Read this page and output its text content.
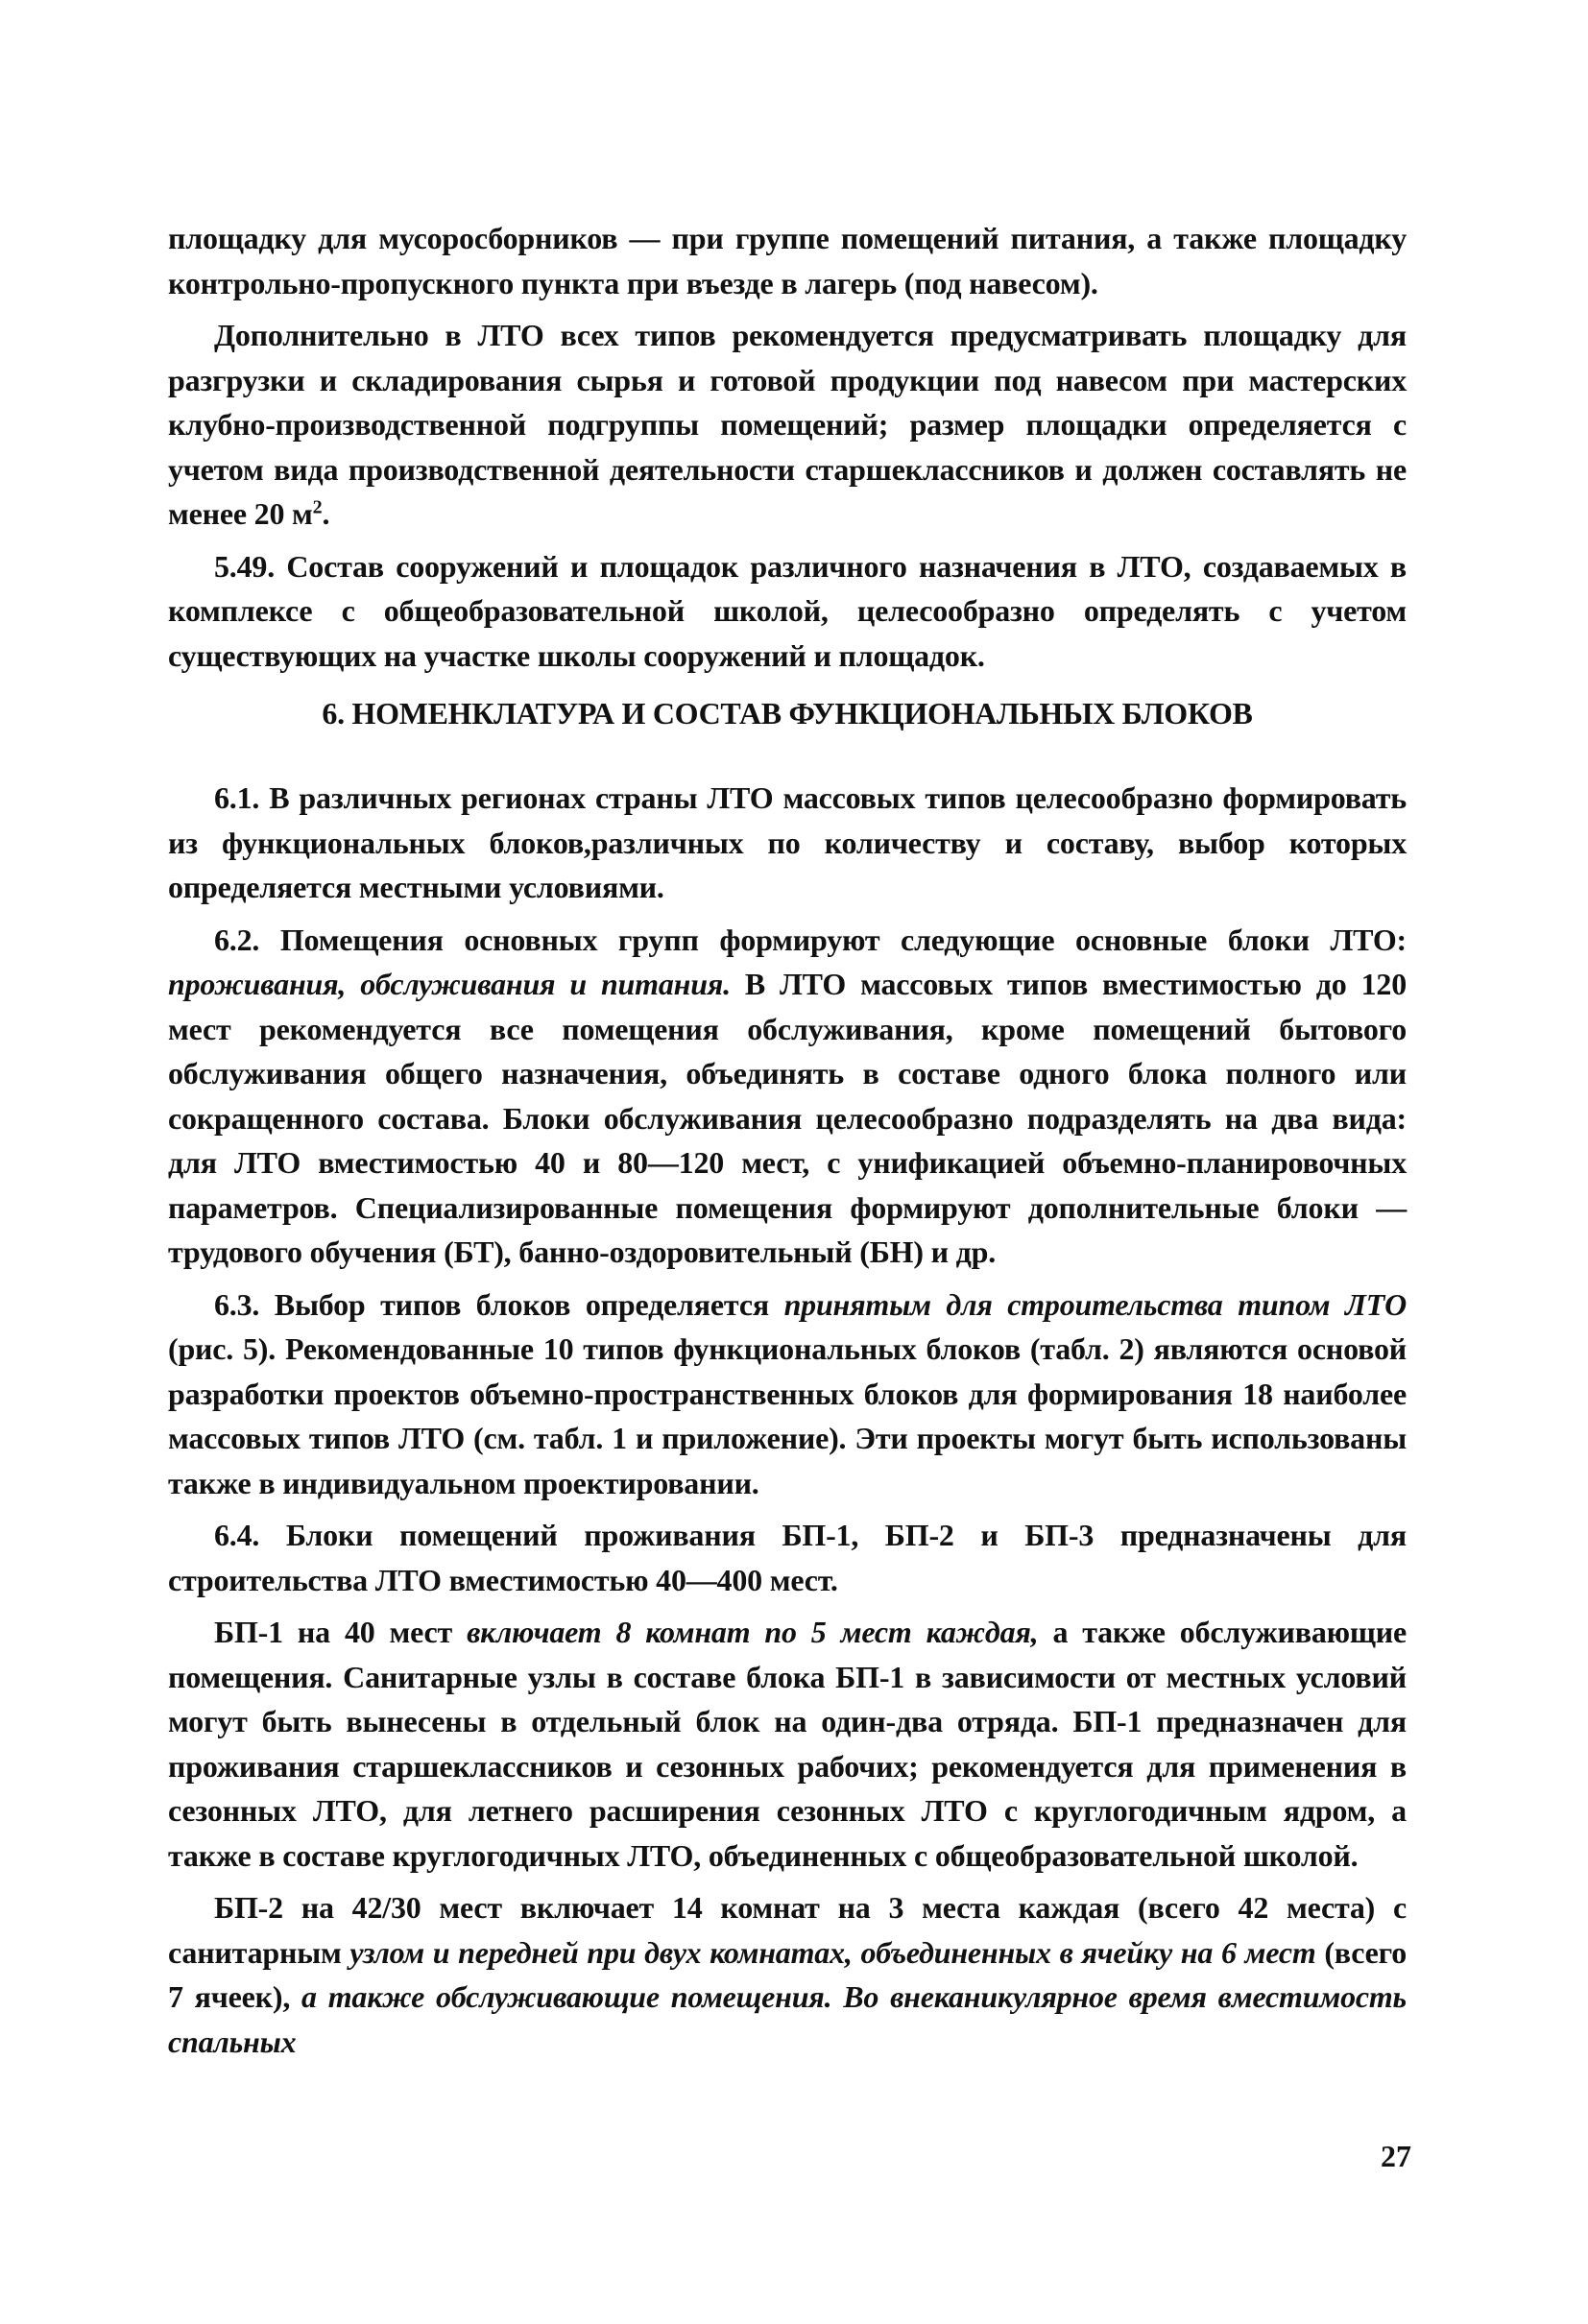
площадку для мусоросборников — при группе помещений питания, а также площадку контрольно-пропускного пункта при въезде в лагерь (под навесом).

Дополнительно в ЛТО всех типов рекомендуется предусматривать площадку для разгрузки и складирования сырья и готовой продукции под навесом при мастерских клубно-производственной подгруппы помещений; размер площадки определяется с учетом вида производственной деятельности старшеклассников и должен составлять не менее 20 $м^2$.

5.49. Состав сооружений и площадок различного назначения в ЛТО, создаваемых в комплексе с общеобразовательной школой, целесообразно определять с учетом существующих на участке школы сооружений и площадок.

6. НОМЕНКЛАТУРА И СОСТАВ ФУНКЦИОНАЛЬНЫХ БЛОКОВ

6.1. В различных регионах страны ЛТО массовых типов целесообразно формировать из функциональных блоков,различных по количеству и составу, выбор которых определяется местными условиями.

6.2. Помещения основных групп формируют следующие основные блоки ЛТО: проживания, обслуживания и питания. В ЛТО массовых типов вместимостью до 120 мест рекомендуется все помещения обслуживания, кроме помещений бытового обслуживания общего назначения, объединять в составе одного блока полного или сокращенного состава. Блоки обслуживания целесообразно подразделять на два вида: для ЛТО вместимостью 40 и 80—120 мест, с унификацией объемно-планировочных параметров. Специализированные помещения формируют дополнительные блоки — трудового обучения (БТ), банно-оздоровительный (БН) и др.

6.3. Выбор типов блоков определяется принятым для строительства типом ЛТО (рис. 5). Рекомендованные 10 типов функциональных блоков (табл. 2) являются основой разработки проектов объемно-пространственных блоков для формирования 18 наиболее массовых типов ЛТО (см. табл. 1 и приложение). Эти проекты могут быть использованы также в индивидуальном проектировании.

6.4. Блоки помещений проживания БП-1, БП-2 и БП-3 предназначены для строительства ЛТО вместимостью 40—400 мест.

БП-1 на 40 мест включает 8 комнат по 5 мест каждая, а также обслуживающие помещения. Санитарные узлы в составе блока БП-1 в зависимости от местных условий могут быть вынесены в отдельный блок на один-два отряда. БП-1 предназначен для проживания старшеклассников и сезонных рабочих; рекомендуется для применения в сезонных ЛТО, для летнего расширения сезонных ЛТО с круглогодичным ядром, а также в составе круглогодичных ЛТО, объединенных с общеобразовательной школой.

БП-2 на 42/30 мест включает 14 комнат на 3 места каждая (всего 42 места) с санитарным узлом и передней при двух комнатах, объединенных в ячейку на 6 мест (всего 7 ячеек), а также обслуживающие помещения. Во внеканикулярное время вместимость спальных

27
